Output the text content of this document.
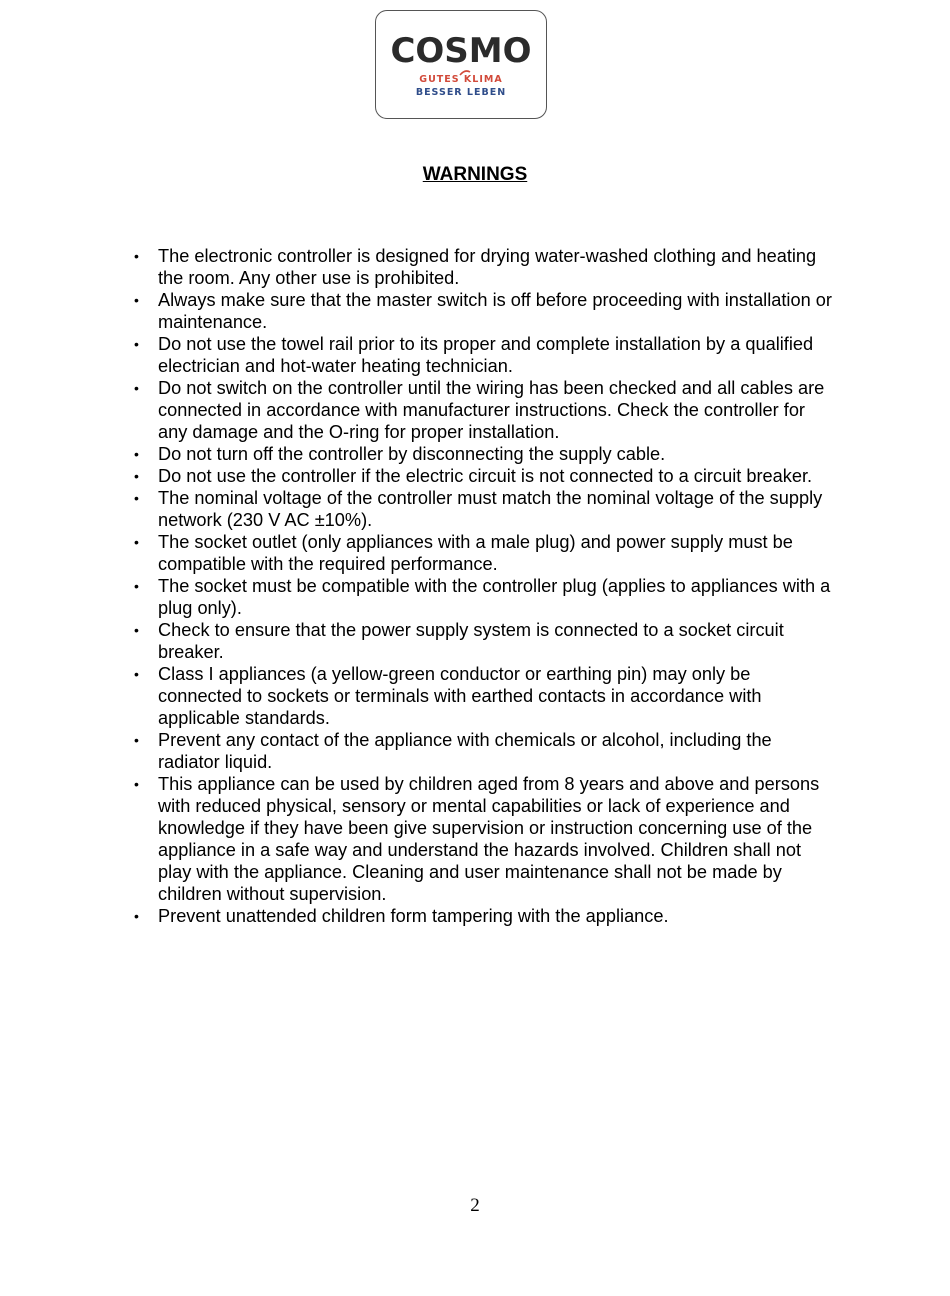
COSMO
GUTES KLIMA
BESSER LEBEN
WARNINGS
• The electronic controller is designed for drying water-washed clothing and heating the room. Any other use is prohibited.
• Always make sure that the master switch is off before proceeding with installation or maintenance.
• Do not use the towel rail prior to its proper and complete installation by a qualified electrician and hot-water heating technician.
• Do not switch on the controller until the wiring has been checked and all cables are connected in accordance with manufacturer instructions. Check the controller for any damage and the O-ring for proper installation.
• Do not turn off the controller by disconnecting the supply cable.
• Do not use the controller if the electric circuit is not connected to a circuit breaker.
• The nominal voltage of the controller must match the nominal voltage of the supply network (230 V AC ±10%).
• The socket outlet (only appliances with a male plug) and power supply must be compatible with the required performance.
• The socket must be compatible with the controller plug (applies to appliances with a plug only).
• Check to ensure that the power supply system is connected to a socket circuit breaker.
• Class I appliances (a yellow-green conductor or earthing pin) may only be connected to sockets or terminals with earthed contacts in accordance with applicable standards.
• Prevent any contact of the appliance with chemicals or alcohol, including the radiator liquid.
• This appliance can be used by children aged from 8 years and above and persons with reduced physical, sensory or mental capabilities or lack of experience and knowledge if they have been give supervision or instruction concerning use of the appliance in a safe way and understand the hazards involved. Children shall not play with the appliance. Cleaning and user maintenance shall not be made by children without supervision.
• Prevent unattended children form tampering with the appliance.
2
